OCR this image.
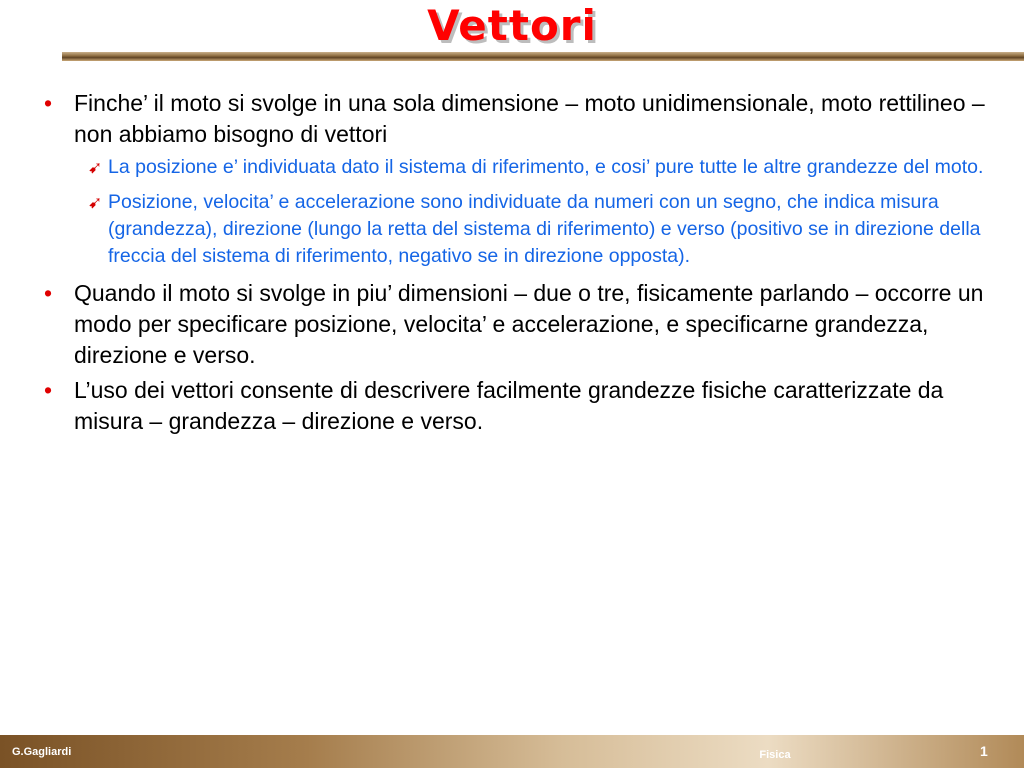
Vettori
• Finche’ il moto si svolge in una sola dimensione – moto unidimensionale, moto rettilineo – non abbiamo bisogno di vettori
➹ La posizione e’ individuata dato il sistema di riferimento, e cosi’ pure tutte le altre grandezze del moto.
➹ Posizione, velocita’ e accelerazione sono individuate da numeri con un segno, che indica misura (grandezza), direzione (lungo la retta del sistema di riferimento) e verso (positivo se in direzione della freccia del sistema di riferimento, negativo se in direzione opposta).
• Quando il moto si svolge in piu’ dimensioni – due o tre, fisicamente parlando – occorre un modo per specificare posizione, velocita’ e accelerazione, e specificarne grandezza, direzione e verso.
• L’uso dei vettori consente di descrivere facilmente grandezze fisiche caratterizzate da misura – grandezza – direzione e verso.
G.Gagliardi	Fisica	1
